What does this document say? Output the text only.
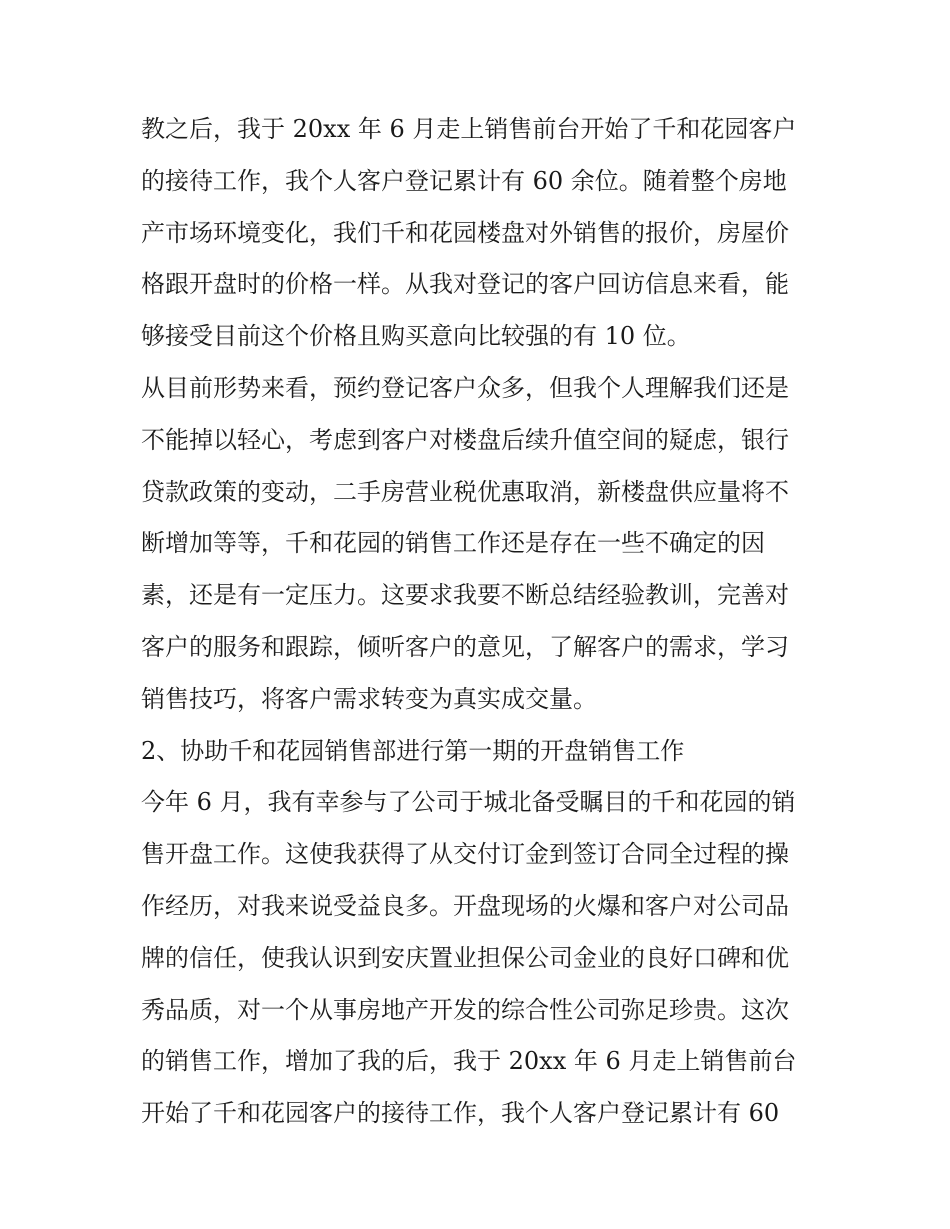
教之后，我于 20xx 年 6 月走上销售前台开始了千和花园客户
的接待工作，我个人客户登记累计有 60 余位。随着整个房地
产市场环境变化，我们千和花园楼盘对外销售的报价，房屋价
格跟开盘时的价格一样。从我对登记的客户回访信息来看，能
够接受目前这个价格且购买意向比较强的有 10 位。
从目前形势来看，预约登记客户众多，但我个人理解我们还是
不能掉以轻心，考虑到客户对楼盘后续升值空间的疑虑，银行
贷款政策的变动，二手房营业税优惠取消，新楼盘供应量将不
断增加等等，千和花园的销售工作还是存在一些不确定的因
素，还是有一定压力。这要求我要不断总结经验教训，完善对
客户的服务和跟踪，倾听客户的意见，了解客户的需求，学习
销售技巧，将客户需求转变为真实成交量。
2、协助千和花园销售部进行第一期的开盘销售工作
今年 6 月，我有幸参与了公司于城北备受瞩目的千和花园的销
售开盘工作。这使我获得了从交付订金到签订合同全过程的操
作经历，对我来说受益良多。开盘现场的火爆和客户对公司品
牌的信任，使我认识到安庆置业担保公司金业的良好口碑和优
秀品质，对一个从事房地产开发的综合性公司弥足珍贵。这次
的销售工作，增加了我的后，我于 20xx 年 6 月走上销售前台
开始了千和花园客户的接待工作，我个人客户登记累计有 60
